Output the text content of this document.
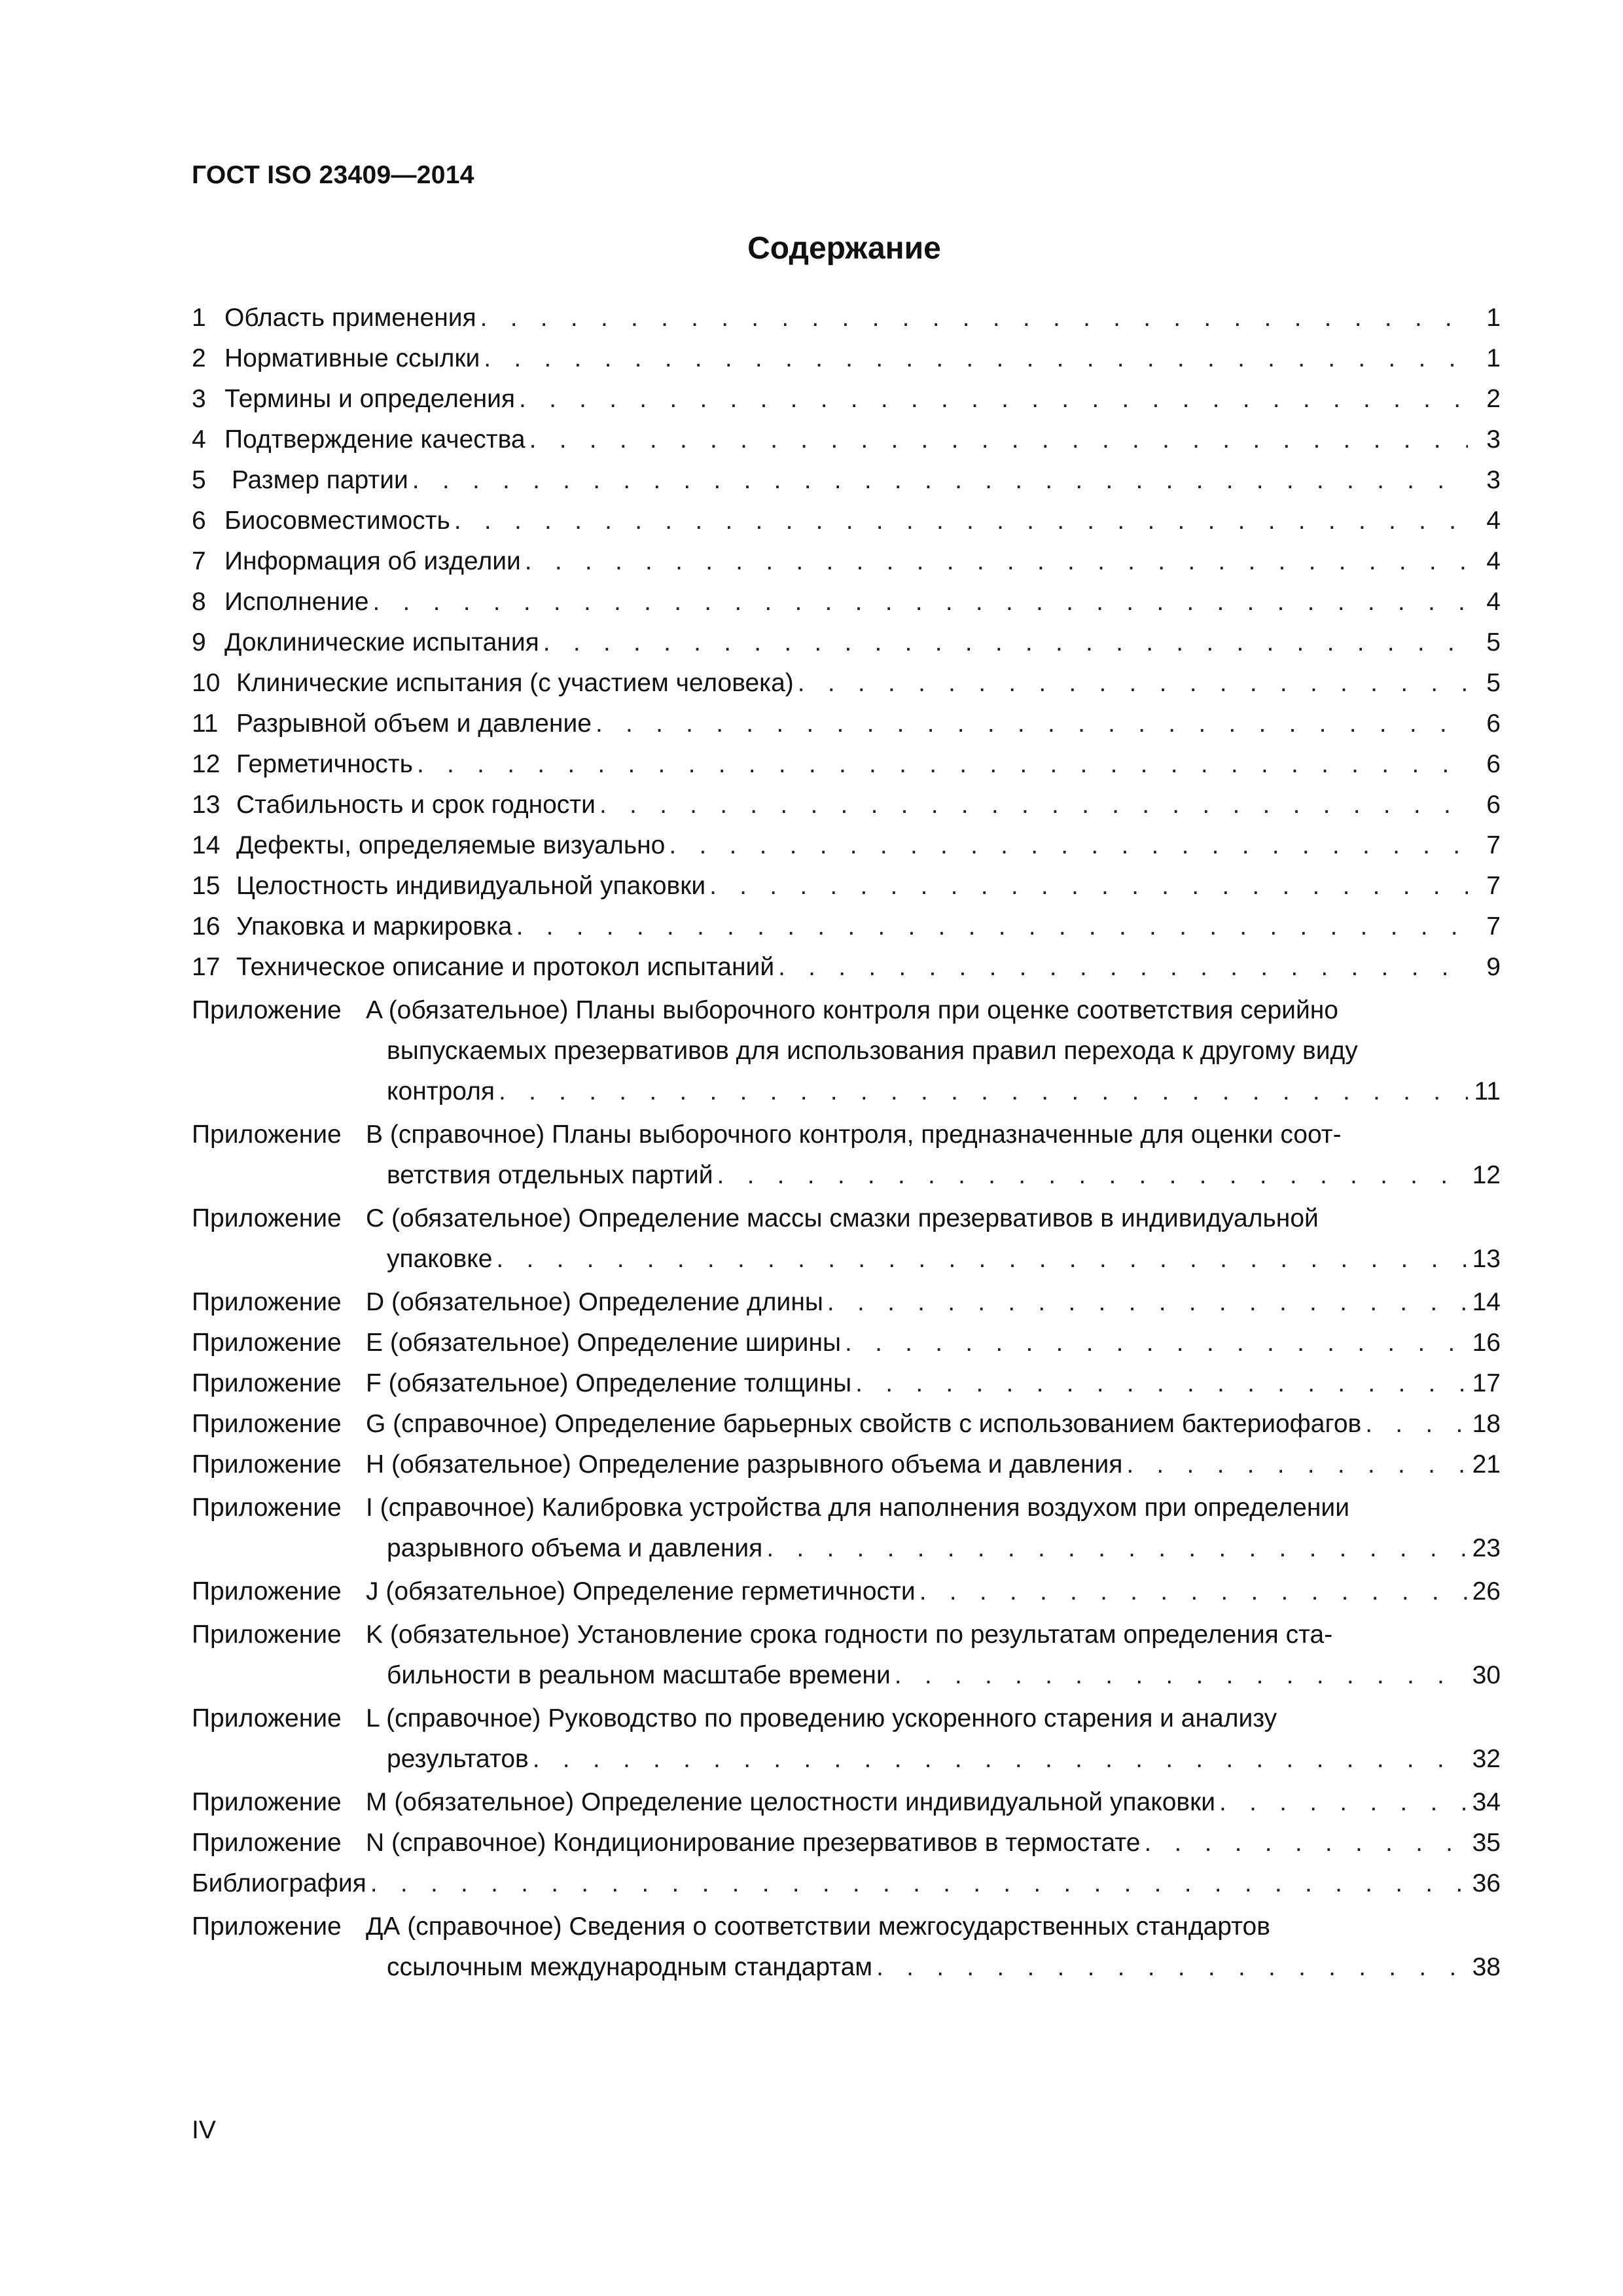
ГОСТ ISO 23409—2014
Содержание
1 Область применения . . .	1
2 Нормативные ссылки . . .	1
3 Термины и определения . . .	2
4 Подтверждение качества . . .	3
5 Размер партии . . .	3
6 Биосовместимость . . .	4
7 Информация об изделии . . .	4
8 Исполнение . . .	4
9 Доклинические испытания . . .	5
10 Клинические испытания (с участием человека) . . .	5
11 Разрывной объем и давление . . .	6
12 Герметичность . . .	6
13 Стабильность и срок годности . . .	6
14 Дефекты, определяемые визуально . . .	7
15 Целостность индивидуальной упаковки . . .	7
16 Упаковка и маркировка . . .	7
17 Техническое описание и протокол испытаний . . .	9
Приложение A (обязательное) Планы выборочного контроля при оценке соответствия серийно
выпускаемых презервативов для использования правил перехода к другому виду
контроля . . .	11
Приложение B (справочное) Планы выборочного контроля, предназначенные для оценки соот-
ветствия отдельных партий . . .	12
Приложение C (обязательное) Определение массы смазки презервативов в индивидуальной
упаковке . . .	13
Приложение D (обязательное) Определение длины . . .	14
Приложение E (обязательное) Определение ширины . . .	16
Приложение F (обязательное) Определение толщины . . .	17
Приложение G (справочное) Определение барьерных свойств с использованием бактериофагов . . .	18
Приложение H (обязательное) Определение разрывного объема и давления . . .	21
Приложение I (справочное) Калибровка устройства для наполнения воздухом при определении
разрывного объема и давления . . .	23
Приложение J (обязательное) Определение герметичности . . .	26
Приложение K (обязательное) Установление срока годности по результатам определения ста-
бильности в реальном масштабе времени . . .	30
Приложение L (справочное) Руководство по проведению ускоренного старения и анализу
результатов . . .	32
Приложение M (обязательное) Определение целостности индивидуальной упаковки . . .	34
Приложение N (справочное) Кондиционирование презервативов в термостате . . .	35
Библиография . . .	36
Приложение ДА (справочное) Сведения о соответствии межгосударственных стандартов
ссылочным международным стандартам . . .	38
IV
